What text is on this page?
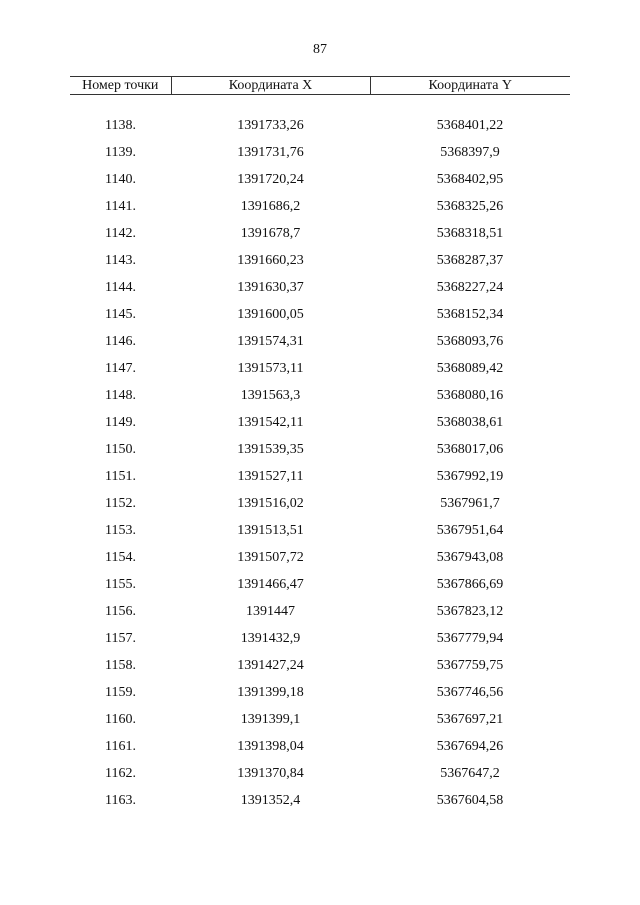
87
Номер точки	Координата X	Координата Y

1138.	1391733,26	5368401,22
1139.	1391731,76	5368397,9
1140.	1391720,24	5368402,95
1141.	1391686,2	5368325,26
1142.	1391678,7	5368318,51
1143.	1391660,23	5368287,37
1144.	1391630,37	5368227,24
1145.	1391600,05	5368152,34
1146.	1391574,31	5368093,76
1147.	1391573,11	5368089,42
1148.	1391563,3	5368080,16
1149.	1391542,11	5368038,61
1150.	1391539,35	5368017,06
1151.	1391527,11	5367992,19
1152.	1391516,02	5367961,7
1153.	1391513,51	5367951,64
1154.	1391507,72	5367943,08
1155.	1391466,47	5367866,69
1156.	1391447	5367823,12
1157.	1391432,9	5367779,94
1158.	1391427,24	5367759,75
1159.	1391399,18	5367746,56
1160.	1391399,1	5367697,21
1161.	1391398,04	5367694,26
1162.	1391370,84	5367647,2
1163.	1391352,4	5367604,58
